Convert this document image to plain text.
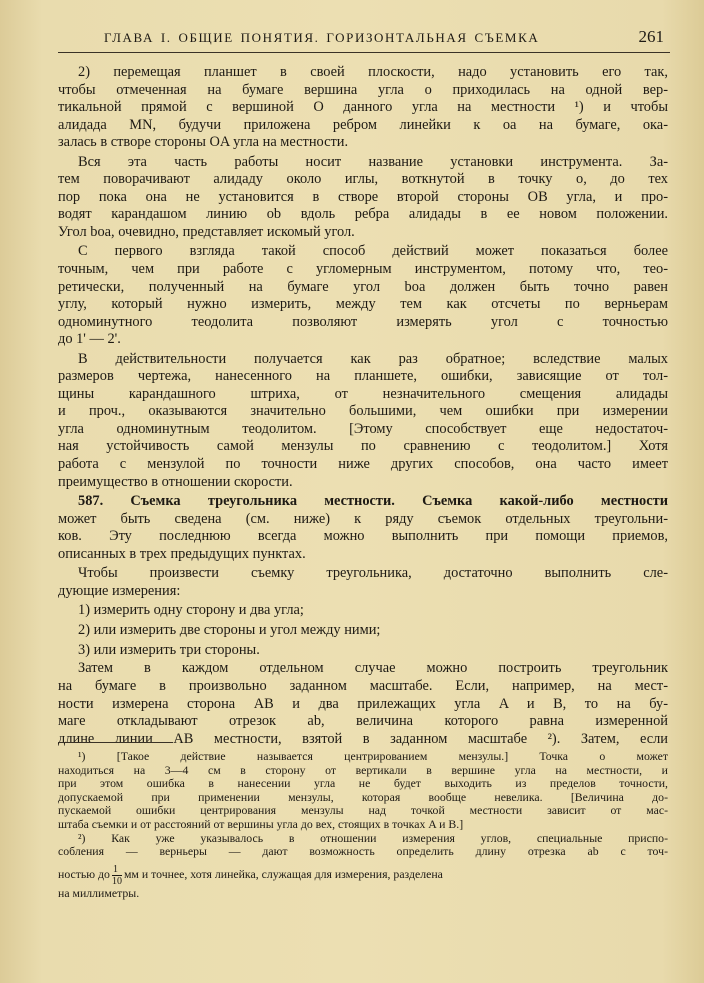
ГЛАВА I. ОБЩИЕ ПОНЯТИЯ. ГОРИЗОНТАЛЬНАЯ СЪЕМКА	261
2) перемещая планшет в своей плоскости, надо установить его так,
чтобы отмеченная на бумаге вершина угла o приходилась на одной вер-
тикальной прямой с вершиной O данного угла на местности ¹) и чтобы
алидада MN, будучи приложена ребром линейки к oa на бумаге, ока-
залась в створе стороны OA угла на местности.
Вся эта часть работы носит название установки инструмента. За-
тем поворачивают алидаду около иглы, воткнутой в точку o, до тех
пор пока она не установится в створе второй стороны OB угла, и про-
водят карандашом линию ob вдоль ребра алидады в ее новом положении.
Угол boa, очевидно, представляет искомый угол.
С первого взгляда такой способ действий может показаться более
точным, чем при работе с угломерным инструментом, потому что, тео-
ретически, полученный на бумаге угол boa должен быть точно равен
углу, который нужно измерить, между тем как отсчеты по верньерам
одноминутного теодолита позволяют измерять угол с точностью
до 1' — 2'.
В действительности получается как раз обратное; вследствие малых
размеров чертежа, нанесенного на планшете, ошибки, зависящие от тол-
щины карандашного штриха, от незначительного смещения алидады
и проч., оказываются значительно большими, чем ошибки при измерении
угла одноминутным теодолитом. [Этому способствует еще недостаточ-
ная устойчивость самой мензулы по сравнению с теодолитом.] Хотя
работа с мензулой по точности ниже других способов, она часто имеет
преимущество в отношении скорости.
587. Съемка треугольника местности. Съемка какой-либо местности
может быть сведена (см. ниже) к ряду съемок отдельных треугольни-
ков. Эту последнюю всегда можно выполнить при помощи приемов,
описанных в трех предыдущих пунктах.
Чтобы произвести съемку треугольника, достаточно выполнить сле-
дующие измерения:
1) измерить одну сторону и два угла;
2) или измерить две стороны и угол между ними;
3) или измерить три стороны.
Затем в каждом отдельном случае можно построить треугольник
на бумаге в произвольно заданном масштабе. Если, например, на мест-
ности измерена сторона AB и два прилежащих угла A и B, то на бу-
маге откладывают отрезок ab, величина которого равна измеренной
длине линии AB местности, взятой в заданном масштабе ²). Затем, если
¹) [Такое действие называется центрированием мензулы.] Точка o может
находиться на 3—4 см в сторону от вертикали в вершине угла на местности, и
при этом ошибка в нанесении угла не будет выходить из пределов точности,
допускаемой при применении мензулы, которая вообще невелика. [Величина до-
пускаемой ошибки центрирования мензулы над точкой местности зависит от мас-
штаба съемки и от расстояний от вершины угла до вех, стоящих в точках A и B.]
²) Как уже указывалось в отношении измерения углов, специальные приспо-
собления — верньеры — дают возможность определить длину отрезка ab с точ-
ностью до $\frac{1}{10}$ мм и точнее, хотя линейка, служащая для измерения, разделена
на миллиметры.
